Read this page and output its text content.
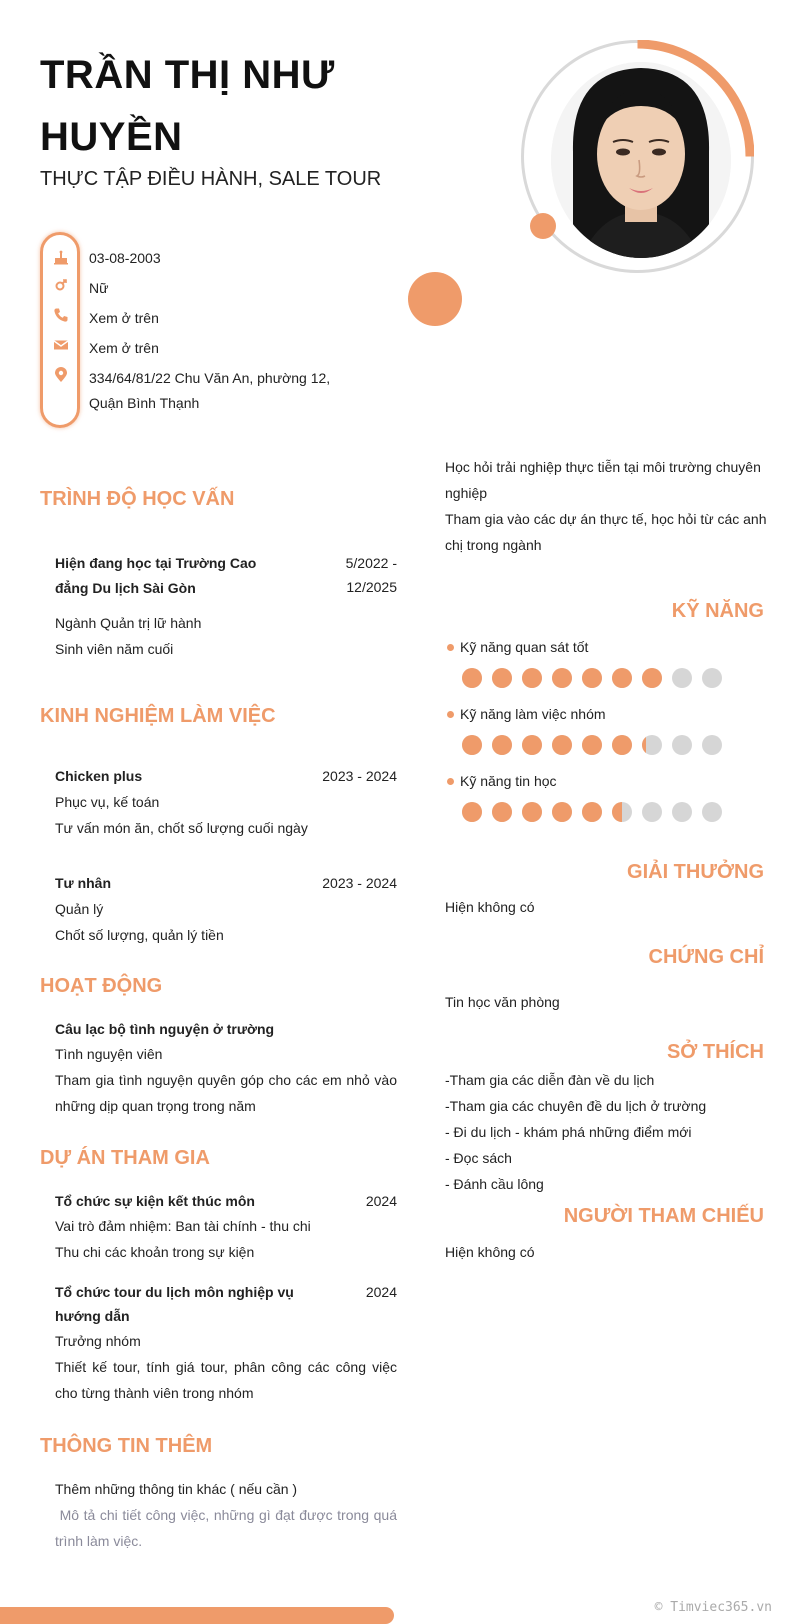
TRẦN THỊ NHƯ HUYỀN
THỰC TẬP ĐIỀU HÀNH, SALE TOUR
03-08-2003
Nữ
Xem ở trên
Xem ở trên
334/64/81/22 Chu Văn An, phường 12,
Quận Bình Thạnh
TRÌNH ĐỘ HỌC VẤN
Hiện đang học tại Trường Cao
đẳng Du lịch Sài Gòn
5/2022 -
12/2025
Ngành Quản trị lữ hành
Sinh viên năm cuối
KINH NGHIỆM LÀM VIỆC
Chicken plus	2023 - 2024
Phục vụ, kế toán
Tư vấn món ăn, chốt số lượng cuối ngày
Tư nhân	2023 - 2024
Quản lý
Chốt số lượng, quản lý tiền
HOẠT ĐỘNG
Câu lạc bộ tình nguyện ở trường
Tình nguyện viên
Tham gia tình nguyện quyên góp cho các em nhỏ vào
những dịp quan trọng trong năm
DỰ ÁN THAM GIA
Tổ chức sự kiện kết thúc môn	2024
Vai trò đảm nhiệm: Ban tài chính - thu chi
Thu chi các khoản trong sự kiện
Tổ chức tour du lịch môn nghiệp vụ
hướng dẫn
2024
Trưởng nhóm
Thiết kế tour, tính giá tour, phân công các công việc
cho từng thành viên trong nhóm
THÔNG TIN THÊM
Thêm những thông tin khác ( nếu cần )
Mô tả chi tiết công việc, những gì đạt được trong quá
trình làm việc.
Học hỏi trải nghiệp thực tiễn tại môi trường chuyên
nghiệp
Tham gia vào các dự án thực tế, học hỏi từ các anh
chị trong ngành
KỸ NĂNG
Kỹ năng quan sát tốt
Kỹ năng làm việc nhóm
Kỹ năng tin học
GIẢI THƯỞNG
Hiện không có
CHỨNG CHỈ
Tin học văn phòng
SỞ THÍCH
-Tham gia các diễn đàn về du lịch
-Tham gia các chuyên đề du lịch ở trường
- Đi du lịch - khám phá những điểm mới
- Đọc sách
- Đánh cầu lông
NGƯỜI THAM CHIẾU
Hiện không có
© Timviec365.vn
